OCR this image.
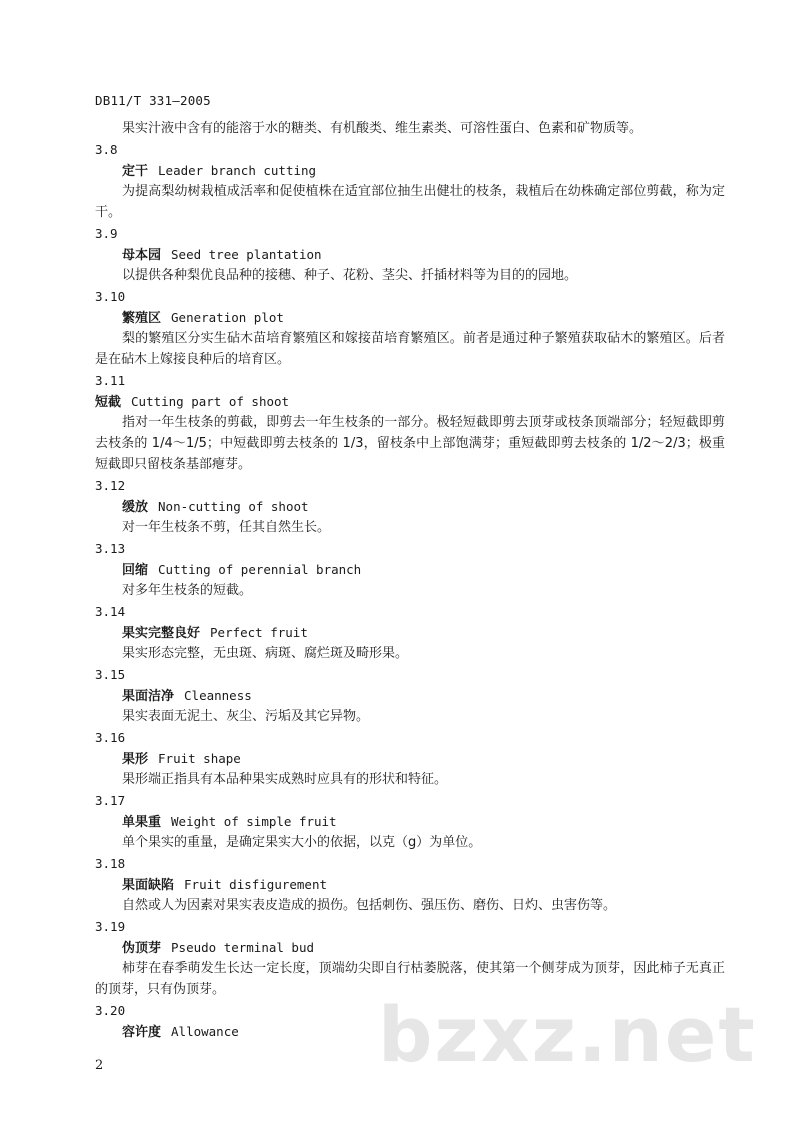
DB11/T 331—2005
果实汁液中含有的能溶于水的糖类、有机酸类、维生素类、可溶性蛋白、色素和矿物质等。
3.8
定干 Leader branch cutting
为提高梨幼树栽植成活率和促使植株在适宜部位抽生出健壮的枝条，栽植后在幼株确定部位剪截，称为定干。
3.9
母本园 Seed tree plantation
以提供各种梨优良品种的接穗、种子、花粉、茎尖、扦插材料等为目的的园地。
3.10
繁殖区 Generation plot
梨的繁殖区分实生砧木苗培育繁殖区和嫁接苗培育繁殖区。前者是通过种子繁殖获取砧木的繁殖区。后者是在砧木上嫁接良种后的培育区。
3.11
短截 Cutting part of shoot
指对一年生枝条的剪截，即剪去一年生枝条的一部分。极轻短截即剪去顶芽或枝条顶端部分；轻短截即剪去枝条的 1/4～1/5；中短截即剪去枝条的 1/3，留枝条中上部饱满芽；重短截即剪去枝条的 1/2～2/3；极重短截即只留枝条基部瘪芽。
3.12
缓放 Non-cutting of shoot
对一年生枝条不剪，任其自然生长。
3.13
回缩 Cutting of perennial branch
对多年生枝条的短截。
3.14
果实完整良好 Perfect fruit
果实形态完整，无虫斑、病斑、腐烂斑及畸形果。
3.15
果面洁净 Cleanness
果实表面无泥土、灰尘、污垢及其它异物。
3.16
果形 Fruit shape
果形端正指具有本品种果实成熟时应具有的形状和特征。
3.17
单果重 Weight of simple fruit
单个果实的重量，是确定果实大小的依据，以克（g）为单位。
3.18
果面缺陷 Fruit disfigurement
自然或人为因素对果实表皮造成的损伤。包括刺伤、强压伤、磨伤、日灼、虫害伤等。
3.19
伪顶芽 Pseudo terminal bud
柿芽在春季萌发生长达一定长度，顶端幼尖即自行枯萎脱落，使其第一个侧芽成为顶芽，因此柿子无真正的顶芽，只有伪顶芽。
3.20
容许度 Allowance	bzxz.net
2
